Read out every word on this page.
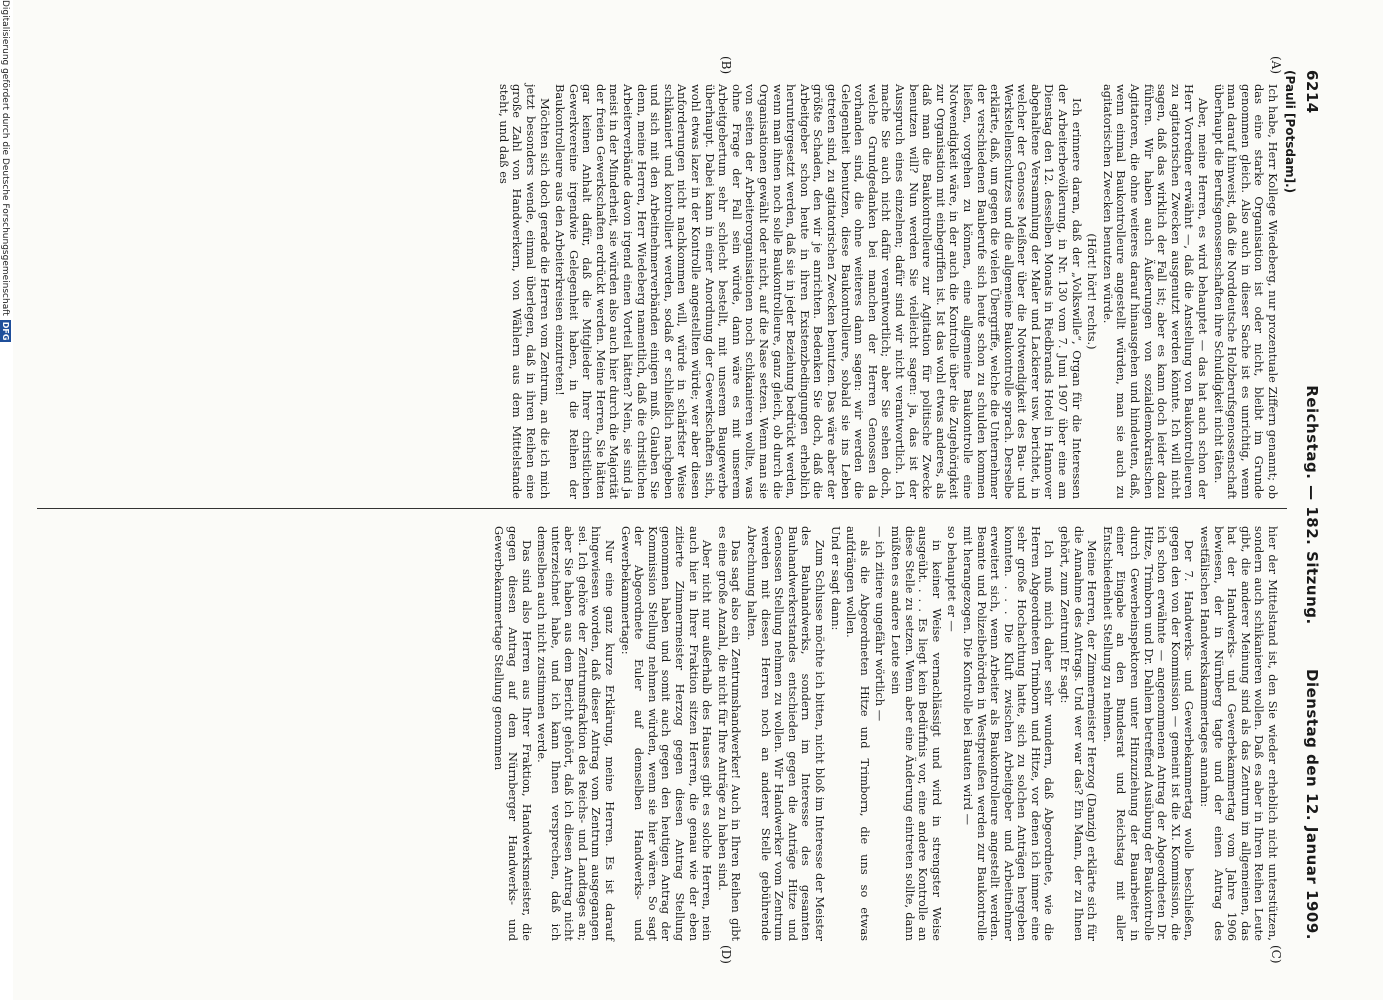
6214
Reichstag. — 182. Sitzung.
Dienstag den 12. Januar 1909.
(Pauli [Potsdam].)
(A)
(B)
(C)
(D)

Ich habe, Herr Kollege Wiedeberg, nur prozentuale Ziffern genannt; ob das eine starke Organisation ist oder nicht, bleibt im Grunde genommen gleich. Also auch in dieser Sache ist es unrichtig, wenn man darauf hinweist, daß die Norddeutsche Holzberufsgenossenschaft überhaupt die Berufsgenossenschaften ihre Schuldigkeit nicht täten.

Aber, meine Herren, es wird behauptet — das hat auch schon der Herr Vorredner erwähnt —, daß die Anstellung von Baukontrolleuren zu agitatorischen Zwecken ausgenutzt werden könnte. Ich will nicht sagen, daß das wirklich der Fall ist; aber es kann doch leider dazu führen. Wir haben auch Äußerungen von sozialdemokratischen Agitatoren, die ohne weiteres darauf hinausgehen und hindeuten, daß, wenn einmal Baukontrolleure angestellt würden, man sie auch zu agitatorischen Zwecken benutzen würde.

(Hört! hört! rechts.)

Ich erinnere daran, daß der „Volkswille“, Organ für die Interessen der Arbeiterbevölkerung, in Nr. 130 vom 7. Juni 1907 über eine am Dienstag den 12. desselben Monats in Riedbrands Hotel in Hannover abgehaltene Versammlung der Maler und Lackierer usw. berichtet, in welcher der Genosse Meißner über die Notwendigkeit des Bau- und Werkstellenschutzes und die allgemeine Baukontrolle sprach. Derselbe erklärte, daß, um gegen die vielen Übergriffe, welche die Unternehmer der verschiedenen Bauberufe sich heute schon zu schulden kommen ließen, vorgehen zu können, eine allgemeine Baukontrolle eine Notwendigkeit wäre, in der auch die Kontrolle über die Zugehörigkeit zur Organisation mit einbegriffen ist. Ist das wohl etwas anderes, als daß man die Baukontrolleure zur Agitation für politische Zwecke benutzen will? Nun werden Sie vielleicht sagen: ja, das ist der Ausspruch eines einzelnen; dafür sind wir nicht verantwortlich. Ich mache Sie auch nicht dafür verantwortlich; aber Sie sehen doch, welche Grundgedanken bei manchen der Herren Genossen da vorhanden sind, die ohne weiteres dann sagen: wir werden die Gelegenheit benutzen, diese Baukontrolleure, sobald sie ins Leben getreten sind, zu agitatorischen Zwecken benutzen. Das wäre aber der größte Schaden, den wir je anrichten. Bedenken Sie doch, daß die Arbeitgeber schon heute in ihren Existenzbedingungen erheblich heruntergesetzt werden, daß sie in jeder Beziehung bedrückt werden, wenn man ihnen noch solle Baukontrolleure, ganz gleich, ob durch die Organisationen gewählt oder nicht, auf die Nase setzen. Wenn man sie von seiten der Arbeiterorganisationen noch schikanieren wollte, was ohne Frage der Fall sein würde, dann wäre es mit unserem Arbeitgebertum sehr schlecht bestellt, mit unserem Baugewerbe überhaupt. Dabei kann in einer Anordnung der Gewerkschaften sich, wohl etwas lazer in der Kontrolle angestellten würde; wer aber diesen Anforderungen nicht nachkommen will, würde in schärfster Weise schikaniert und kontrolliert werden, sodaß er schließlich nachgeben und sich mit den Arbeitnehmerverbänden einigen muß. Glauben Sie denn, meine Herren, Herr Wiedeberg namentlich, daß die christlichen Arbeiterverbände davon irgend einen Vorteil hätten? Nein, sie sind ja meist in der Minderheit, sie würden also auch hier durch die Majorität der freien Gewerkschaften erdrückt werden. Meine Herren, Sie hätten gar keinen Anhalt dafür, daß die Mitglieder Ihrer christlichen Gewerkvereine irgendwie Gelegenheit haben, in die Reihen der Baukontrolleure aus den Arbeiterkreisen einzutreten!

Möchten sich doch gerade die Herren vom Zentrum, an die ich mich jetzt besonders wende, einmal überlegen, daß in ihren Reihen eine große Zahl von Handwerkern, von Wählern aus dem Mittelstande steht, und daß es

hier der Mittelstand ist, den Sie wieder erheblich nicht unterstützen, sondern auch schikanieren wollen. Daß es aber in Ihren Reihen Leute gibt, die anderer Meinung sind als das Zentrum im allgemeinen, das hat der Handwerks- und Gewerbekammertag vom Jahre 1906 bewiesen, der in Nürnberg tagte und der einen Antrag des westfälischen Handwerkskammertages annahm:

Der 7. Handwerks- und Gewerbekammertag wolle beschließen, gegen den von der Kommission — gemeint ist die XI. Kommission, die ich schon erwähnte — angenommenen Antrag der Abgeordneten Dr. Hitze, Trimborn und Dr. Dahlem betreffend Ausübung der Baukontrolle durch Gewerbeinspektoren unter Hinzuziehung der Bauarbeiter in einer Eingabe an den Bundesrat und Reichstag mit aller Entschiedenheit Stellung zu nehmen.

Meine Herren, der Zimmermeister Herzog (Danzig) erklärte sich für die Annahme des Antrags. Und wer war das? Ein Mann, der zu Ihnen gehört, zum Zentrum! Er sagt:

Ich muß mich daher sehr wundern, daß Abgeordnete, wie die Herren Abgeordneten Trimborn und Hitze, vor denen ich immer eine sehr große Hochachtung hatte, sich zu solchen Anträgen hergeben konnten. . . . Die Kluft zwischen Arbeitgeber und Arbeitnehmer erweitert sich, wenn Arbeiter als Baukontrolleure angestellt werden. Beamte und Polizeibehörden in Westpreußen werden zur Baukontrolle mit herangezogen. Die Kontrolle bei Bauten wird —

so behauptet er —

in keiner Weise vernachlässigt und wird in strengster Weise ausgeübt. . . . Es liegt kein Bedürfnis vor, eine andere Kontrolle an diese Stelle zu setzen. Wenn aber eine Änderung eintreten sollte, dann müßten es andere Leute sein

— ich zitiere ungefähr wörtlich —

als die Abgeordneten Hitze und Trimborn, die uns so etwas aufdrängen wollen.

Und er sagt dann:

Zum Schlusse möchte ich bitten, nicht bloß im Interesse der Meister des Bauhandwerks, sondern im Interesse des gesamten Bauhandwerkerstandes entschieden gegen die Anträge Hitze und Genossen Stellung nehmen zu wollen. Wir Handwerker vom Zentrum werden mit diesen Herren noch an anderer Stelle gebührende Abrechnung halten.

Das sagt also ein Zentrumshandwerker! Auch in Ihren Reihen gibt es eine große Anzahl, die nicht für Ihre Anträge zu haben sind.

Aber nicht nur außerhalb des Hauses gibt es solche Herren, nein auch hier in Ihrer Fraktion sitzen Herren, die genau wie der eben zitierte Zimmermeister Herzog gegen diesen Antrag Stellung genommen haben und somit auch gegen den heutigen Antrag der Kommission Stellung nehmen würden, wenn sie hier wären. So sagt der Abgeordnete Euler auf demselben Handwerks- und Gewerbekammertage:

Nur eine ganz kurze Erklärung, meine Herren. Es ist darauf hingewiesen worden, daß dieser Antrag vom Zentrum ausgegangen sei. Ich gehöre der Zentrumsfraktion des Reichs- und Landtages an; aber Sie haben aus dem Bericht gehört, daß ich diesen Antrag nicht unterzeichnet habe, und ich kann Ihnen versprechen, daß ich demselben auch nicht zustimmen werde.

Das sind also Herren aus Ihrer Fraktion, Handwerksmeister, die gegen diesen Antrag auf dem Nürnberger Handwerks- und Gewerbekammertage Stellung genommen

Digitalisierung gefördert durch die Deutsche ForschungsgemeinschaftDFG
